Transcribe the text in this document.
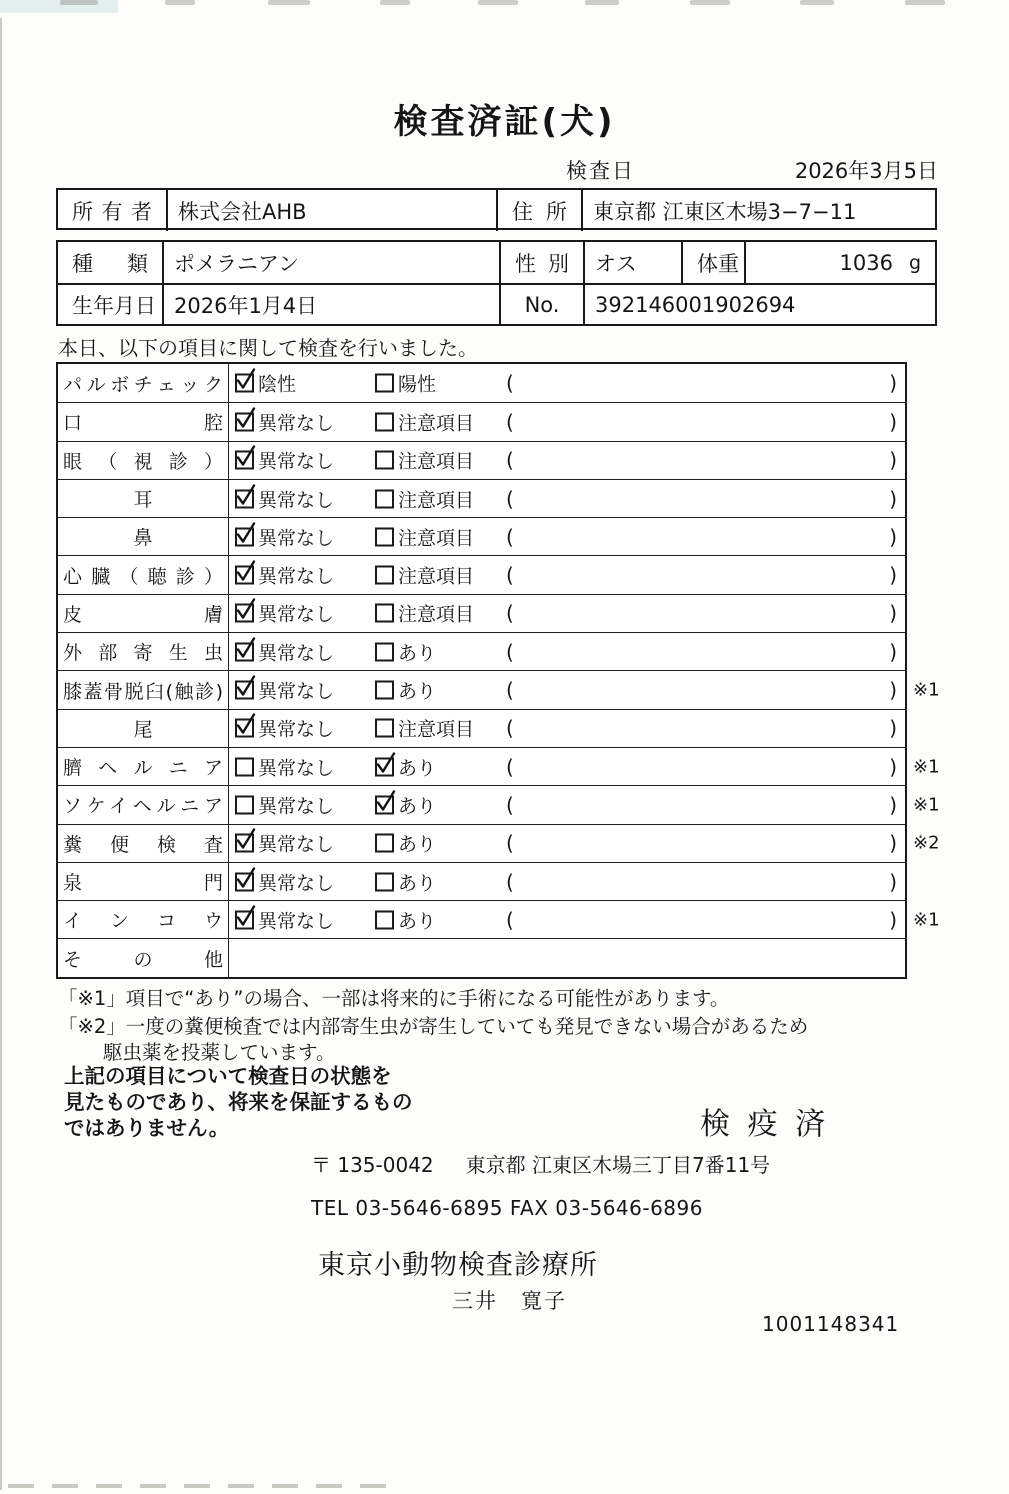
検査済証(犬)
検査日	2026年3月5日
所有者	株式会社AHB	住所	東京都 江東区木場3−7−11
種類	ポメラニアン	性別	オス	体重	1036 g
生年月日 2026年1月4日	No.	392146001902694
本日、以下の項目に関して検査を行いました。
パルボチェック 陰性	陽性	(	)
口腔 異常なし	注意項目 (	)
眼（視診） 異常なし	注意項目 (	)
耳	異常なし	注意項目 (	)
鼻	異常なし	注意項目 (	)
心臓（聴診） 異常なし	注意項目 (	)
皮膚 異常なし	注意項目 (	)
外部寄生虫 異常なし	あり	(	)
膝蓋骨脱臼(触診) 異常なし	あり	(	) ※1
尾	異常なし	注意項目 (	)
臍ヘルニア 異常なし	あり	(	) ※1
ソケイヘルニア 異常なし	あり	(	) ※1
糞便検査 異常なし	あり	(	) ※2
泉門 異常なし	あり	(	)
インコウ 異常なし	あり	(	) ※1
その他
「※1」項目で“あり”の場合、一部は将来的に手術になる可能性があります。
「※2」一度の糞便検査では内部寄生虫が寄生していても発見できない場合があるため
駆虫薬を投薬しています。
上記の項目について検査日の状態を
見たものであり、将来を保証するもの
ではありません。	検 疫 済
〒 135-0042 東京都 江東区木場三丁目7番11号
TEL 03-5646-6895 FAX 03-5646-6896
東京小動物検査診療所
三井　寛子
1001148341
